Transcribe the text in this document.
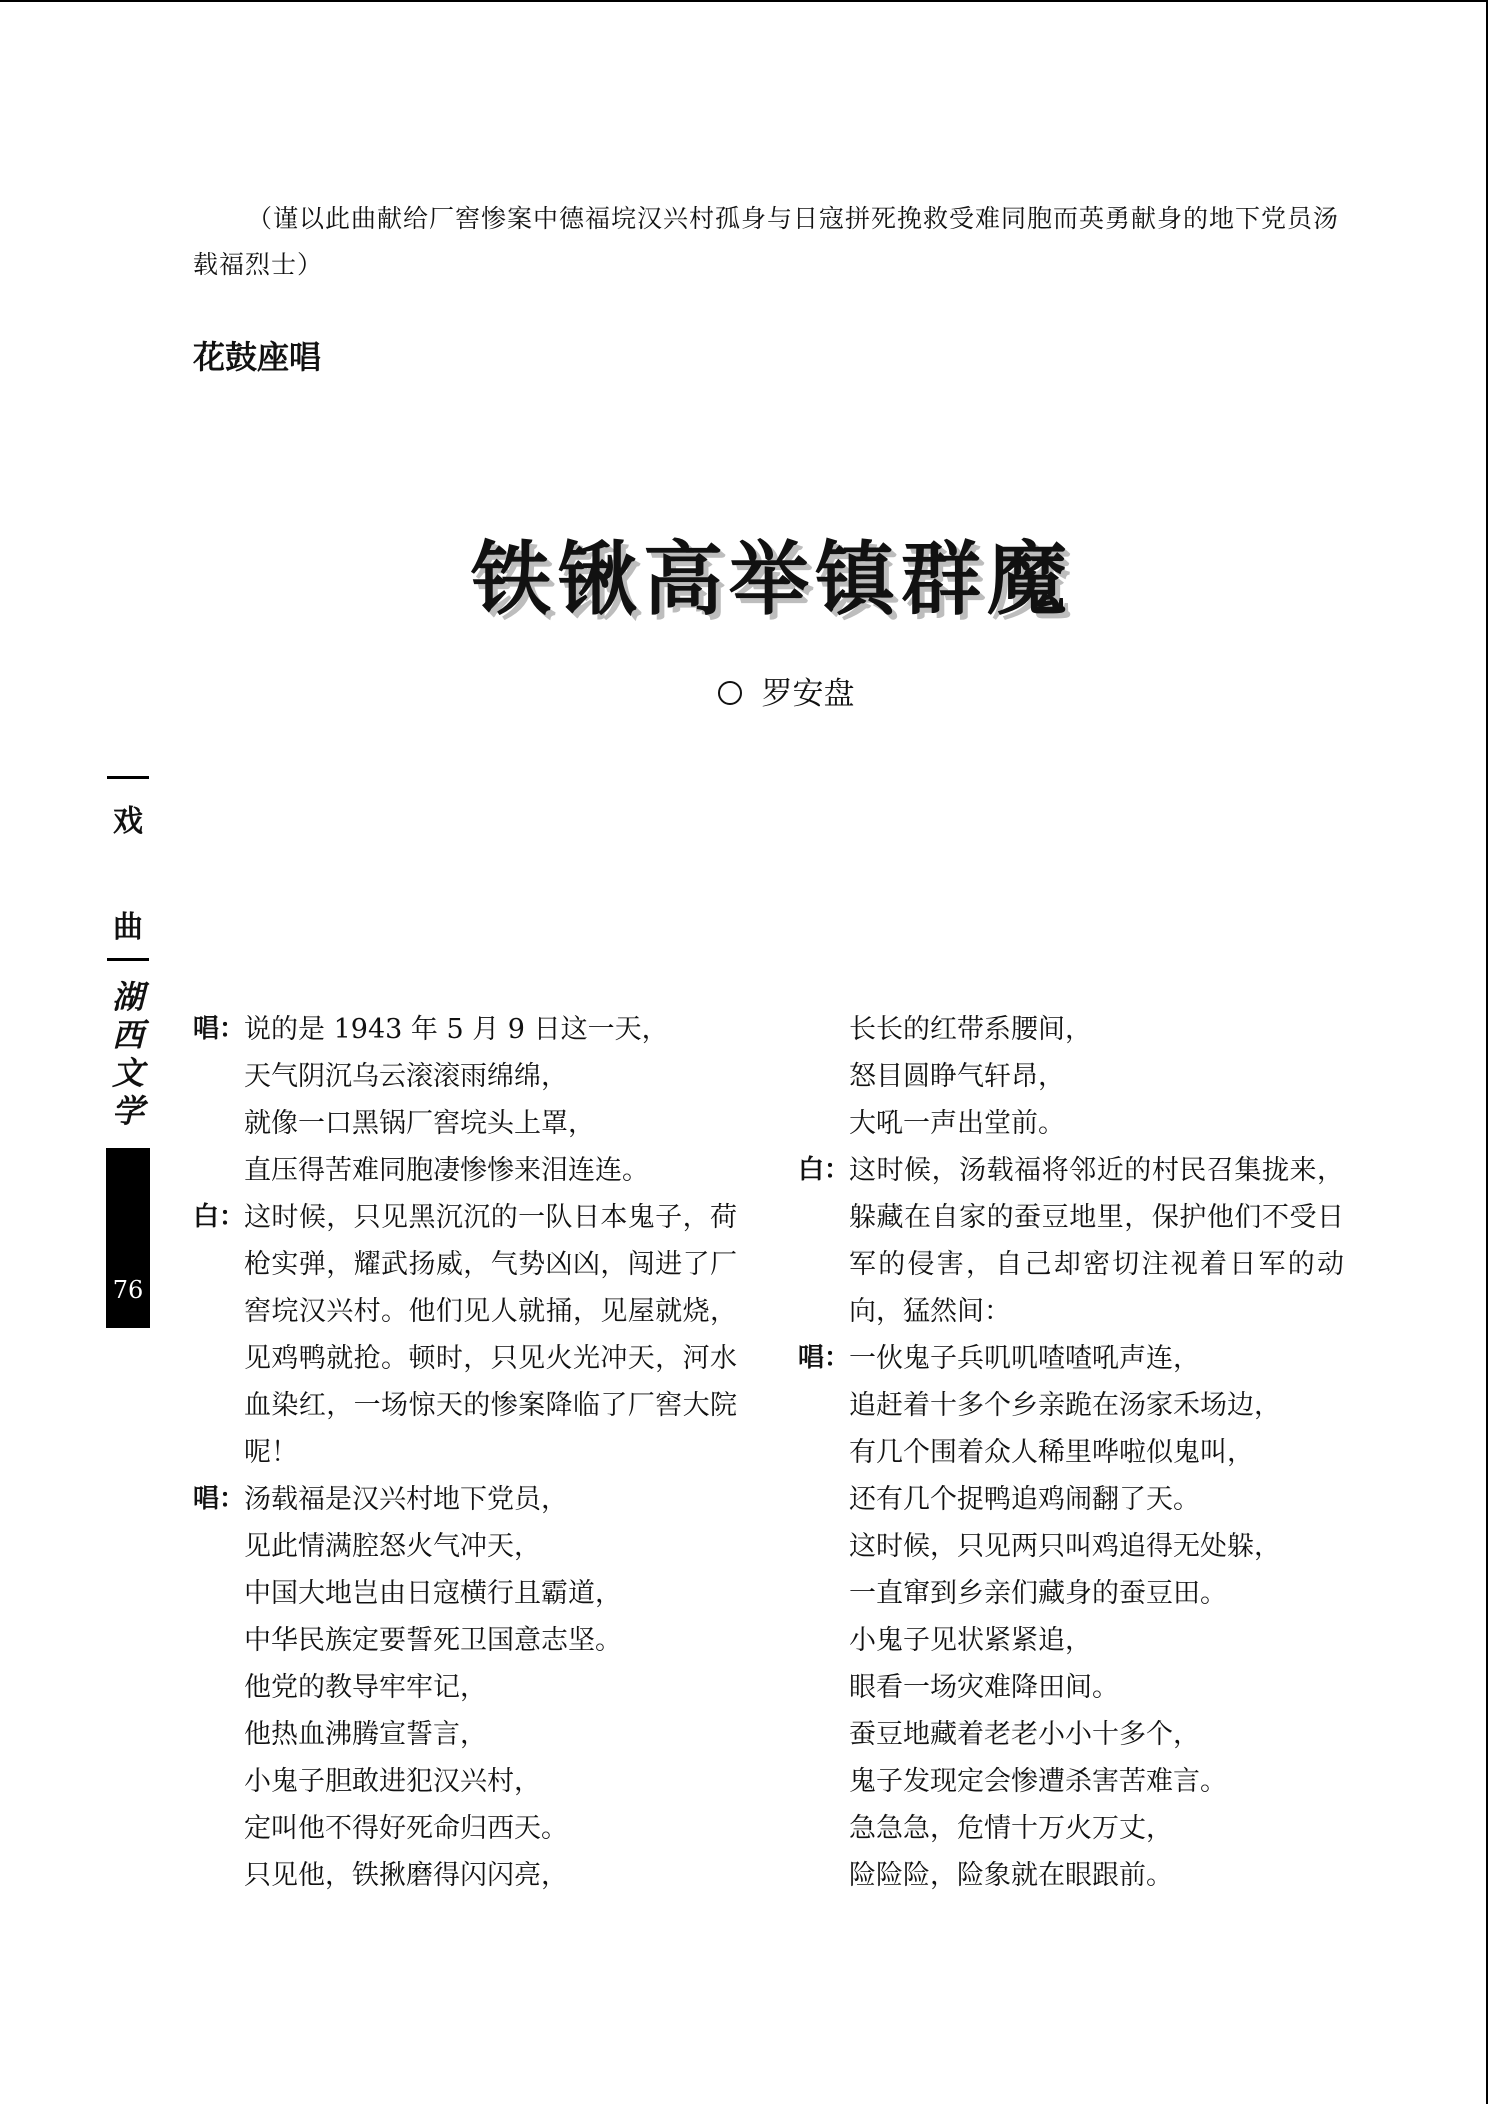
（谨以此曲献给厂窖惨案中德福垸汉兴村孤身与日寇拼死挽救受难同胞而英勇献身的地下党员汤载福烈士）
花鼓座唱
铁锹高举镇群魔
罗安盘
戏
曲
湖
西
文
学
76
唱：
说的是 1943 年 5 月 9 日这一天，
天气阴沉乌云滚滚雨绵绵，
就像一口黑锅厂窖垸头上罩，
直压得苦难同胞凄惨惨来泪连连。
白：
这时候，只见黑沉沉的一队日本鬼子，荷枪实弹，耀武扬威，气势凶凶，闯进了厂窖垸汉兴村。他们见人就捅，见屋就烧，见鸡鸭就抢。顿时，只见火光冲天，河水血染红，一场惊天的惨案降临了厂窖大院呢！
唱：
汤载福是汉兴村地下党员，
见此情满腔怒火气冲天，
中国大地岂由日寇横行且霸道，
中华民族定要誓死卫国意志坚。
他党的教导牢牢记，
他热血沸腾宣誓言，
小鬼子胆敢进犯汉兴村，
定叫他不得好死命归西天。
只见他，铁揪磨得闪闪亮，
长长的红带系腰间，
怒目圆睁气轩昂，
大吼一声出堂前。
白：
这时候，汤载福将邻近的村民召集拢来，躲藏在自家的蚕豆地里，保护他们不受日军的侵害，自己却密切注视着日军的动向，猛然间：
唱：
一伙鬼子兵叽叽喳喳吼声连，
追赶着十多个乡亲跪在汤家禾场边，
有几个围着众人稀里哗啦似鬼叫，
还有几个捉鸭追鸡闹翻了天。
这时候，只见两只叫鸡追得无处躲，
一直窜到乡亲们藏身的蚕豆田。
小鬼子见状紧紧追，
眼看一场灾难降田间。
蚕豆地藏着老老小小十多个，
鬼子发现定会惨遭杀害苦难言。
急急急，危情十万火万丈，
险险险，险象就在眼跟前。
